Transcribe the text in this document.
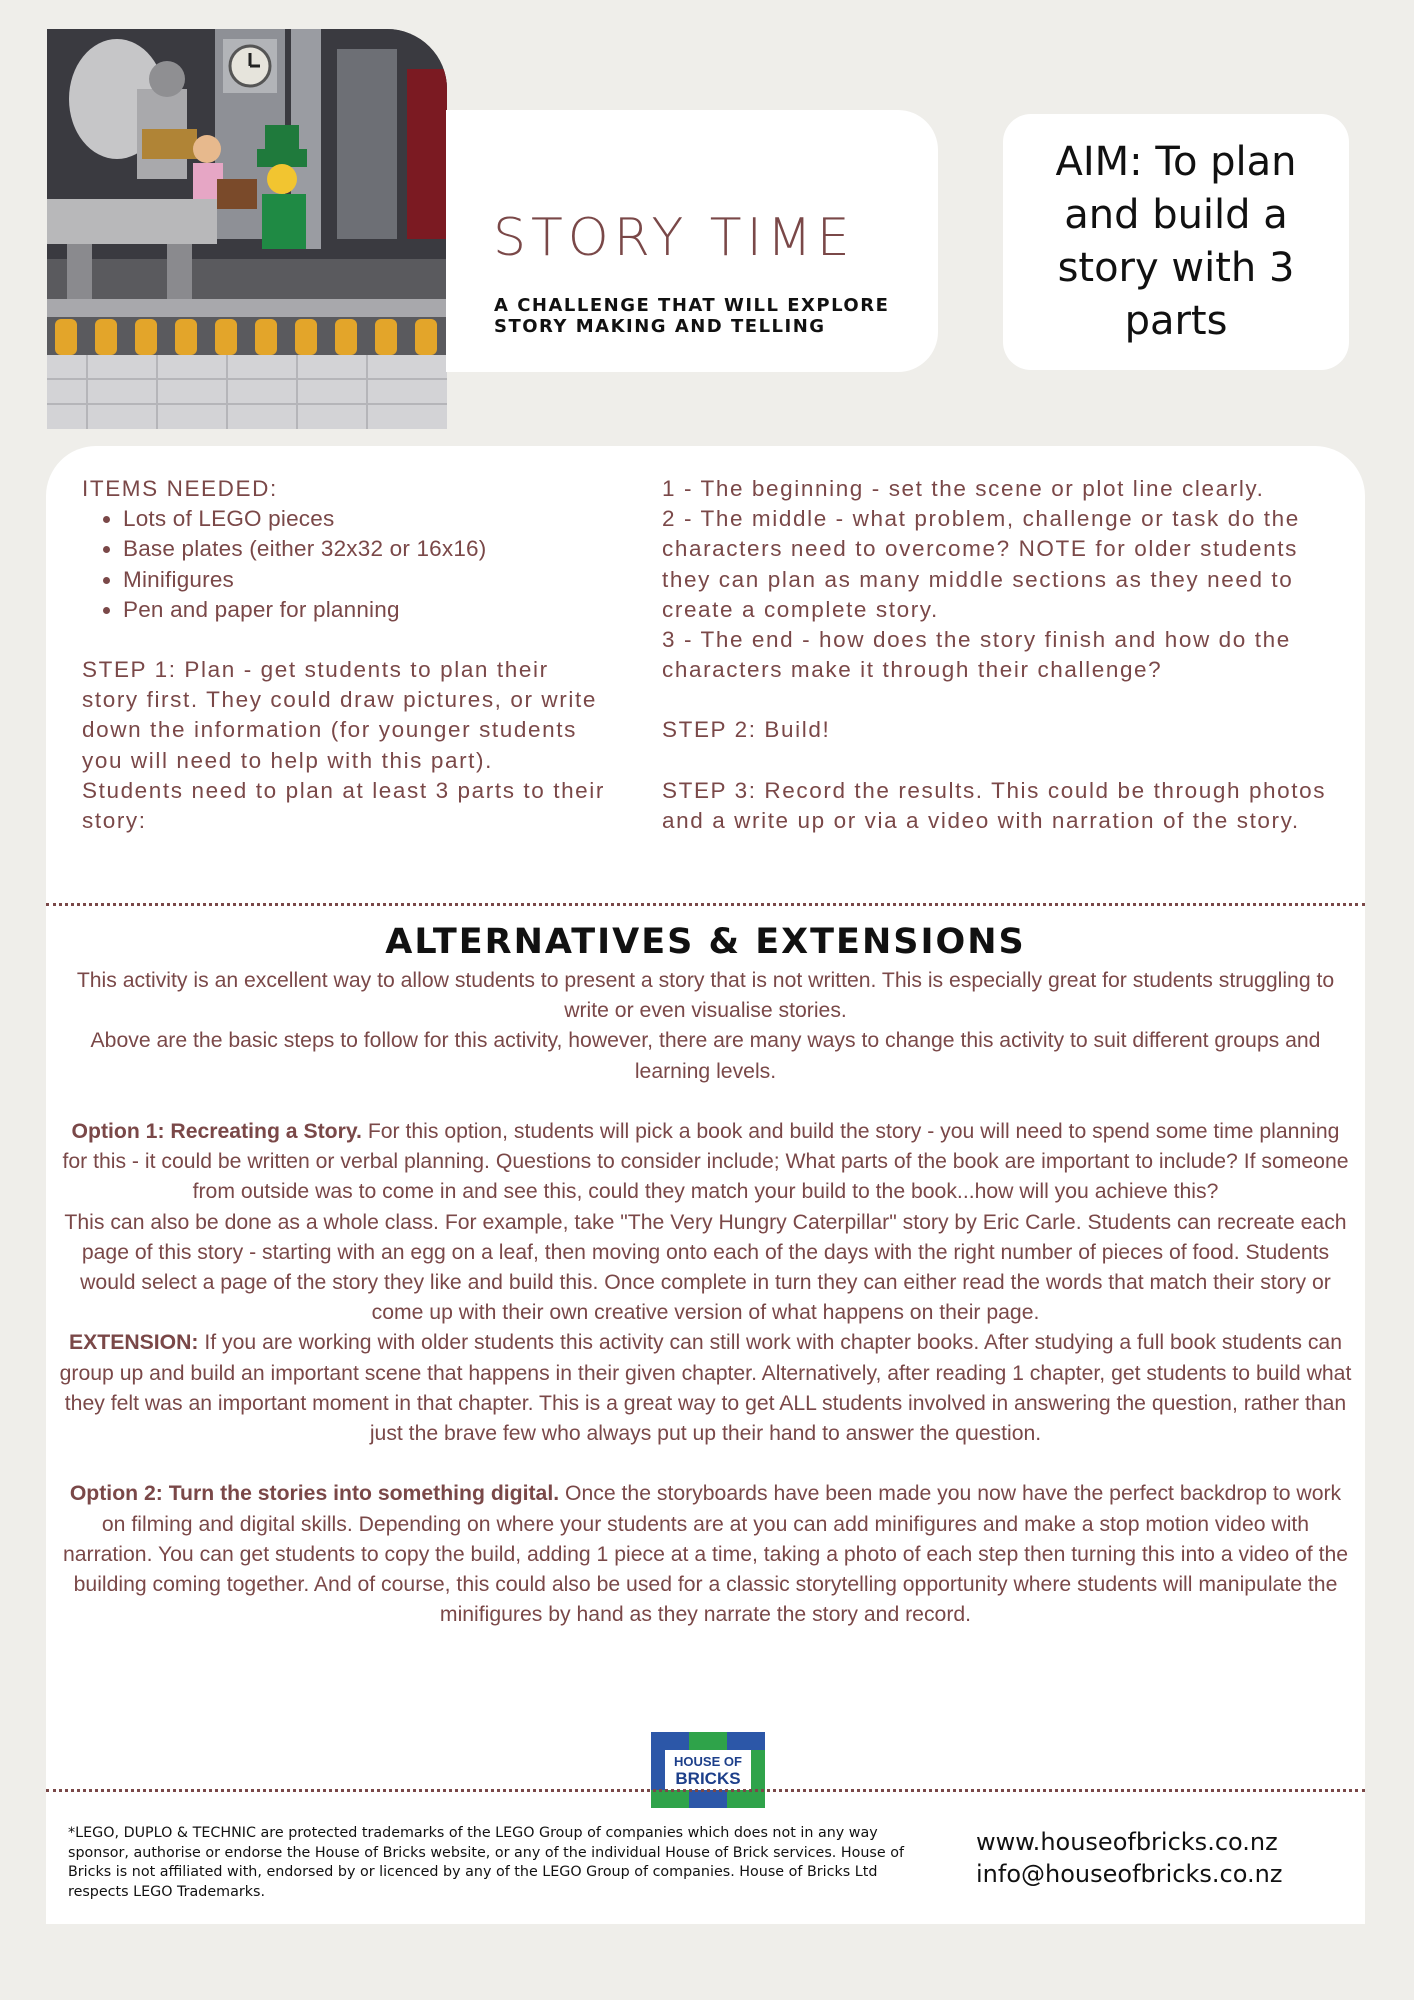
STORY TIME
A CHALLENGE THAT WILL EXPLORE STORY MAKING AND TELLING
AIM: To plan and build a story with 3 parts

ITEMS NEEDED:

• Lots of LEGO pieces
• Base plates (either 32x32 or 16x16)
• Minifigures
• Pen and paper for planning

STEP 1: Plan - get students to plan their story first. They could draw pictures, or write down the information (for younger students you will need to help with this part).

Students need to plan at least 3 parts to their story:

1 - The beginning - set the scene or plot line clearly.

2 - The middle - what problem, challenge or task do the characters need to overcome? NOTE for older students they can plan as many middle sections as they need to create a complete story.

3 - The end - how does the story finish and how do the characters make it through their challenge?

STEP 2: Build!

STEP 3: Record the results. This could be through photos and a write up or via a video with narration of the story.

ALTERNATIVES & EXTENSIONS

This activity is an excellent way to allow students to present a story that is not written. This is especially great for students struggling to write or even visualise stories.

Above are the basic steps to follow for this activity, however, there are many ways to change this activity to suit different groups and learning levels.

Option 1: Recreating a Story. For this option, students will pick a book and build the story - you will need to spend some time planning for this - it could be written or verbal planning. Questions to consider include; What parts of the book are important to include? If someone from outside was to come in and see this, could they match your build to the book...how will you achieve this?

This can also be done as a whole class. For example, take "The Very Hungry Caterpillar" story by Eric Carle. Students can recreate each page of this story - starting with an egg on a leaf, then moving onto each of the days with the right number of pieces of food. Students would select a page of the story they like and build this. Once complete in turn they can either read the words that match their story or come up with their own creative version of what happens on their page.

EXTENSION: If you are working with older students this activity can still work with chapter books. After studying a full book students can group up and build an important scene that happens in their given chapter. Alternatively, after reading 1 chapter, get students to build what they felt was an important moment in that chapter. This is a great way to get ALL students involved in answering the question, rather than just the brave few who always put up their hand to answer the question.

Option 2: Turn the stories into something digital. Once the storyboards have been made you now have the perfect backdrop to work on filming and digital skills. Depending on where your students are at you can add minifigures and make a stop motion video with narration. You can get students to copy the build, adding 1 piece at a time, taking a photo of each step then turning this into a video of the building coming together. And of course, this could also be used for a classic storytelling opportunity where students will manipulate the minifigures by hand as they narrate the story and record.

HOUSE OF
BRICKS
*LEGO, DUPLO & TECHNIC are protected trademarks of the LEGO Group of companies which does not in any way sponsor, authorise or endorse the House of Bricks website, or any of the individual House of Brick services. House of Bricks is not affiliated with, endorsed by or licenced by any of the LEGO Group of companies. House of Bricks Ltd respects LEGO Trademarks.
www.houseofbricks.co.nz
info@houseofbricks.co.nz
